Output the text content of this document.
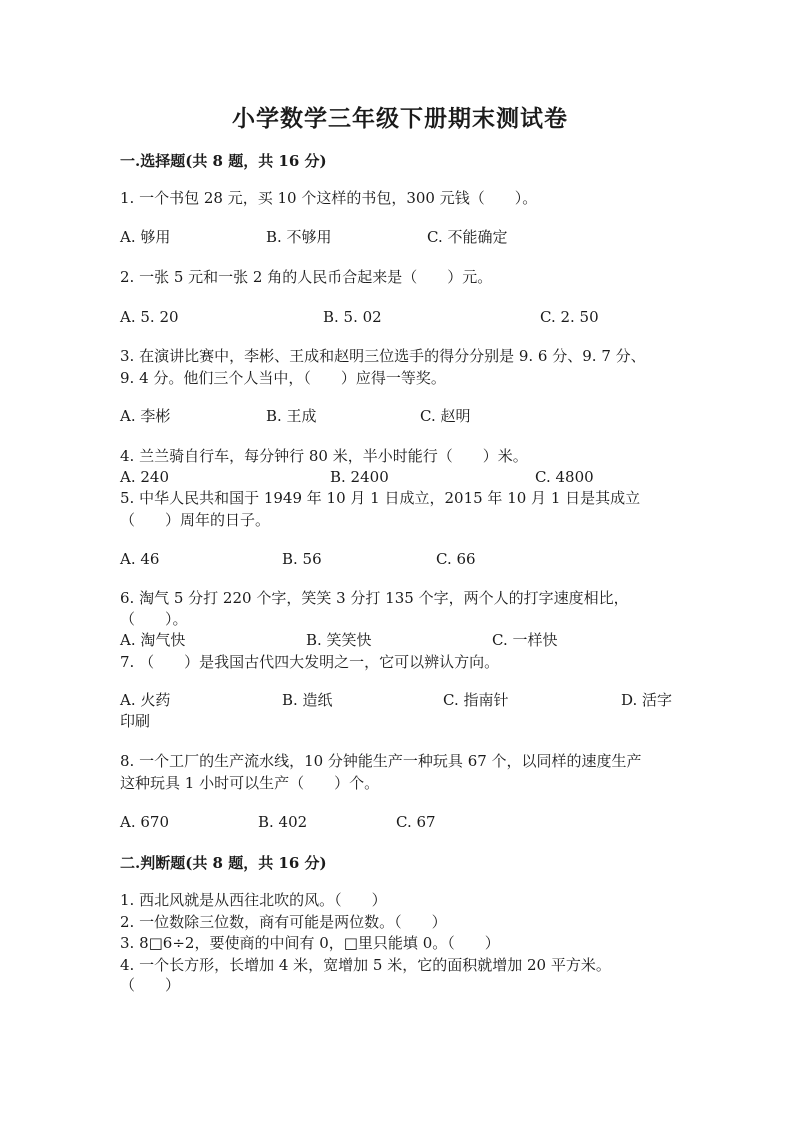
小学数学三年级下册期末测试卷
一.选择题(共 8 题，共 16 分)
1. 一个书包 28 元，买 10 个这样的书包，300 元钱（　　）。
A. 够用	B. 不够用	C. 不能确定
2. 一张 5 元和一张 2 角的人民币合起来是（　　）元。
A. 5. 20	B. 5. 02	C. 2. 50
3. 在演讲比赛中，李彬、王成和赵明三位选手的得分分别是 9. 6 分、9. 7 分、
9. 4 分。他们三个人当中，（　　）应得一等奖。
A. 李彬	B. 王成	C. 赵明
4. 兰兰骑自行车，每分钟行 80 米，半小时能行（　　）米。
A. 240	B. 2400	C. 4800
5. 中华人民共和国于 1949 年 10 月 1 日成立，2015 年 10 月 1 日是其成立
（　　）周年的日子。
A. 46	B. 56	C. 66
6. 淘气 5 分打 220 个字，笑笑 3 分打 135 个字，两个人的打字速度相比，
（　　）。
A. 淘气快	B. 笑笑快	C. 一样快
7. （　　）是我国古代四大发明之一，它可以辨认方向。
A. 火药	B. 造纸	C. 指南针	D. 活字
印刷
8. 一个工厂的生产流水线，10 分钟能生产一种玩具 67 个，以同样的速度生产
这种玩具 1 小时可以生产（　　）个。
A. 670	B. 402	C. 67
二.判断题(共 8 题，共 16 分)
1. 西北风就是从西往北吹的风。（　　）
2. 一位数除三位数，商有可能是两位数。（　　）
3. 8□6÷2，要使商的中间有 0，□里只能填 0。（　　）
4. 一个长方形，长增加 4 米，宽增加 5 米，它的面积就增加 20 平方米。
（　　）
